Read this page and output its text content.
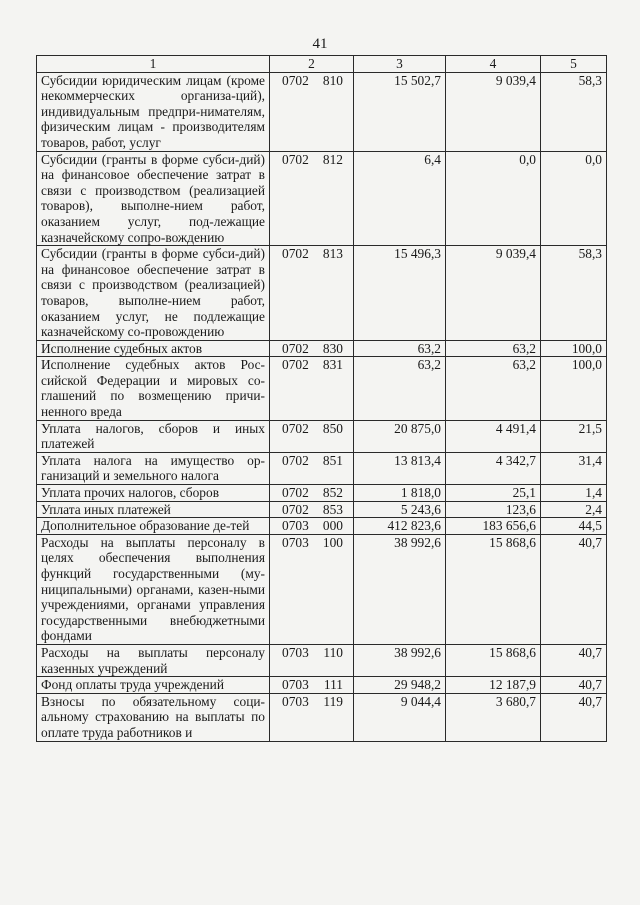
41
1	2	3	4	5
Субсидии юридическим лицам (кроме некоммерческих организа-ций), индивидуальным предпри-нимателям, физическим лицам - производителям товаров, работ, услуг	0702 810	15 502,7	9 039,4	58,3
Субсидии (гранты в форме субси-дий) на финансовое обеспечение затрат в связи с производством (реализацией товаров), выполне-нием работ, оказанием услуг, под-лежащие казначейскому сопро-вождению	0702 812	6,4	0,0	0,0
Субсидии (гранты в форме субси-дий) на финансовое обеспечение затрат в связи с производством (реализацией) товаров, выполне-нием работ, оказанием услуг, не подлежащие казначейскому со-провождению	0702 813	15 496,3	9 039,4	58,3
Исполнение судебных актов	0702 830	63,2	63,2	100,0
Исполнение судебных актов Рос-сийской Федерации и мировых со-глашений по возмещению причи-ненного вреда	0702 831	63,2	63,2	100,0
Уплата налогов, сборов и иных платежей	0702 850	20 875,0	4 491,4	21,5
Уплата налога на имущество ор-ганизаций и земельного налога	0702 851	13 813,4	4 342,7	31,4
Уплата прочих налогов, сборов	0702 852	1 818,0	25,1	1,4
Уплата иных платежей	0702 853	5 243,6	123,6	2,4
Дополнительное образование де-тей	0703 000	412 823,6	183 656,6	44,5
Расходы на выплаты персоналу в целях обеспечения выполнения функций государственными (му-ниципальными) органами, казен-ными учреждениями, органами управления государственными внебюджетными фондами	0703 100	38 992,6	15 868,6	40,7
Расходы на выплаты персоналу казенных учреждений	0703 110	38 992,6	15 868,6	40,7
Фонд оплаты труда учреждений	0703 111	29 948,2	12 187,9	40,7
Взносы по обязательному соци-альному страхованию на выплаты по оплате труда работников и	0703 119	9 044,4	3 680,7	40,7
